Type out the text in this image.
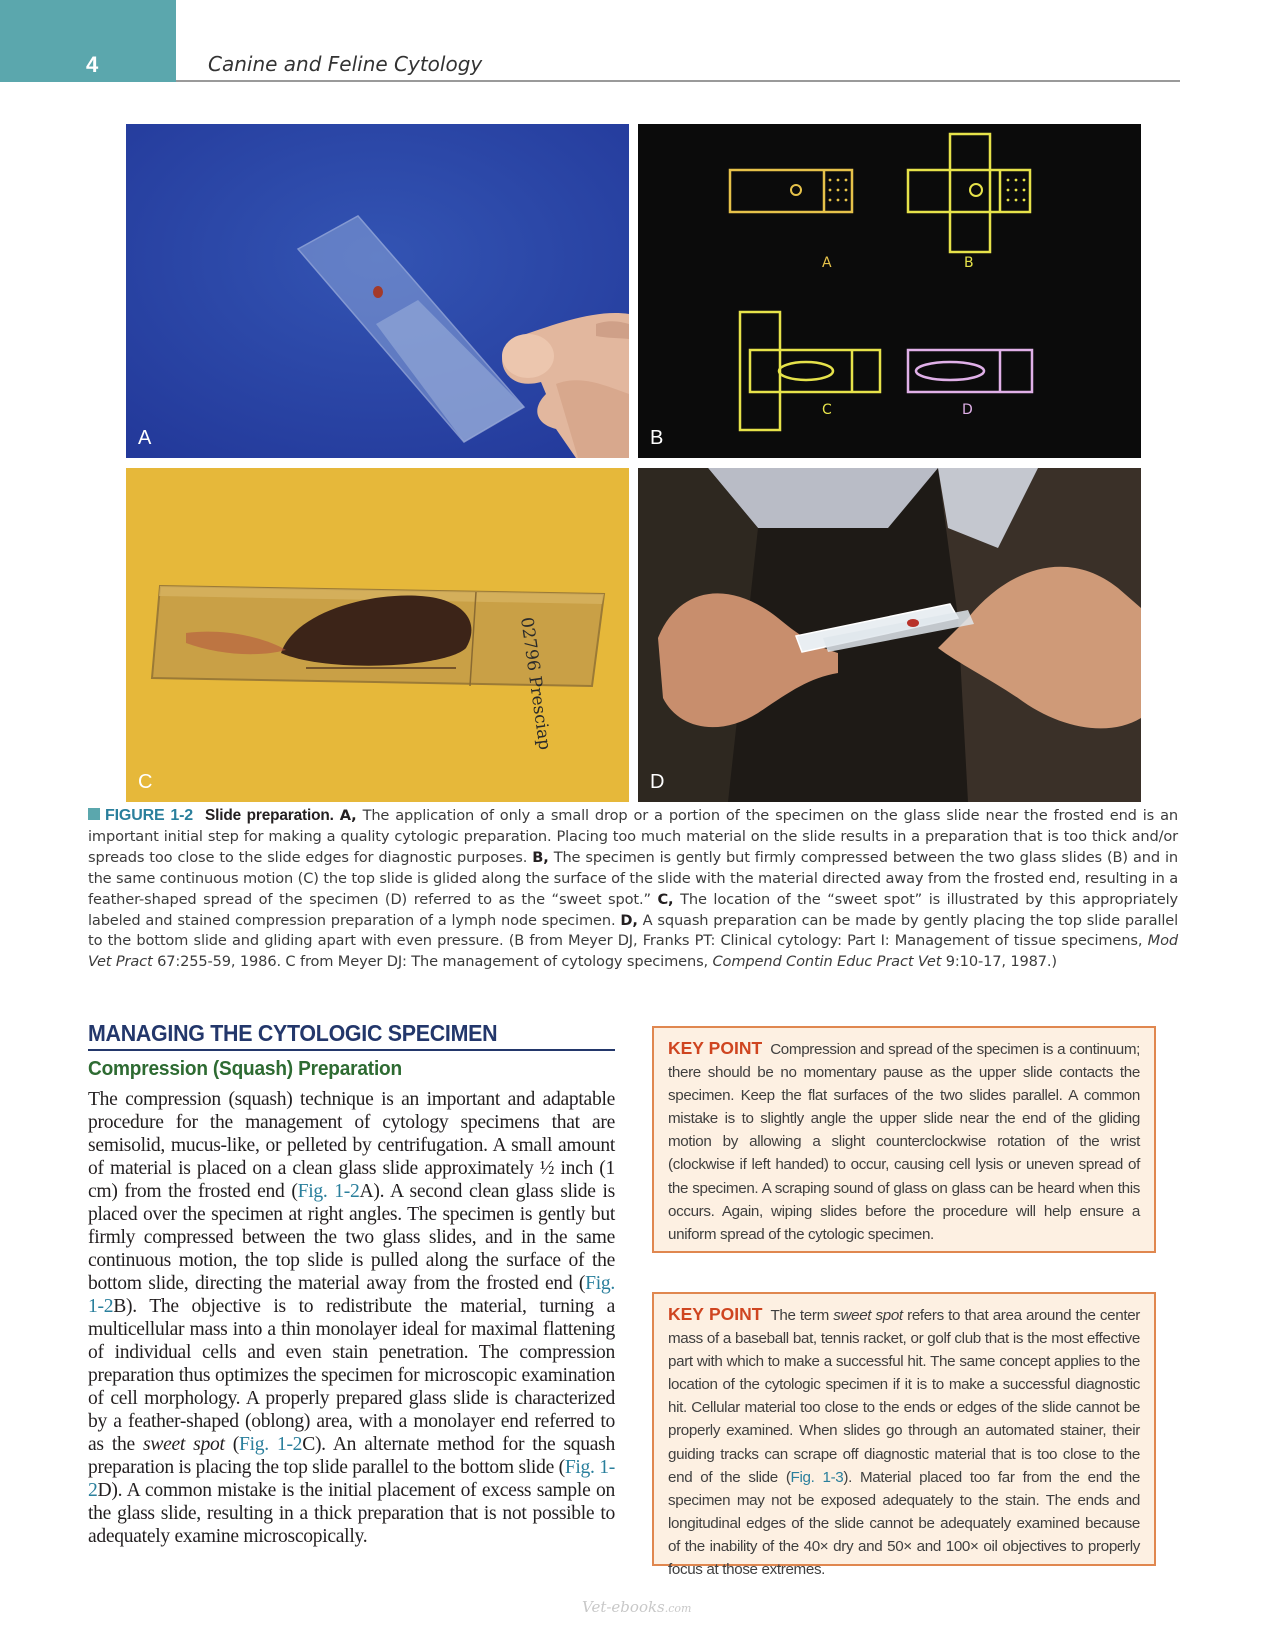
4	Canine and Feline Cytology
A
A	B
C	D
B
02796 Presciap
C	D
FIGURE 1-2 Slide preparation. A, The application of only a small drop or a portion of the specimen on the glass slide near the frosted end is an important initial step for making a quality cytologic preparation. Placing too much material on the slide results in a preparation that is too thick and/or spreads too close to the slide edges for diagnostic purposes. B, The specimen is gently but firmly compressed between the two glass slides (B) and in the same continuous motion (C) the top slide is glided along the surface of the slide with the material directed away from the frosted end, resulting in a feather-shaped spread of the specimen (D) referred to as the “sweet spot.” C, The location of the “sweet spot” is illustrated by this appropriately labeled and stained compression preparation of a lymph node specimen. D, A squash preparation can be made by gently placing the top slide parallel to the bottom slide and gliding apart with even pressure. (B from Meyer DJ, Franks PT: Clinical cytology: Part I: Management of tissue specimens, Mod Vet Pract 67:255-59, 1986. C from Meyer DJ: The management of cytology specimens, Compend Contin Educ Pract Vet 9:10-17, 1987.)
MANAGING THE CYTOLOGIC SPECIMEN
Compression (Squash) Preparation
The compression (squash) technique is an important and adaptable procedure for the management of cytology specimens that are semisolid, mucus-like, or pelleted by centrifugation. A small amount of material is placed on a clean glass slide approximately ½ inch (1 cm) from the frosted end (Fig. 1-2A). A second clean glass slide is placed over the specimen at right angles. The specimen is gently but firmly compressed between the two glass slides, and in the same continuous motion, the top slide is pulled along the surface of the bottom slide, directing the material away from the frosted end (Fig. 1-2B). The objective is to redistribute the material, turning a multicellular mass into a thin monolayer ideal for maximal flattening of individual cells and even stain penetration. The compression preparation thus optimizes the specimen for microscopic examination of cell morphology. A properly prepared glass slide is characterized by a feather-shaped (oblong) area, with a monolayer end referred to as the sweet spot (Fig. 1-2C). An alternate method for the squash preparation is placing the top slide parallel to the bottom slide (Fig. 1-2D). A common mistake is the initial placement of excess sample on the glass slide, resulting in a thick preparation that is not possible to adequately examine microscopically.
KEY POINT Compression and spread of the specimen is a continuum; there should be no momentary pause as the upper slide contacts the specimen. Keep the flat surfaces of the two slides parallel. A common mistake is to slightly angle the upper slide near the end of the gliding motion by allowing a slight counterclockwise rotation of the wrist (clockwise if left handed) to occur, causing cell lysis or uneven spread of the specimen. A scraping sound of glass on glass can be heard when this occurs. Again, wiping slides before the procedure will help ensure a uniform spread of the cytologic specimen.
KEY POINT The term sweet spot refers to that area around the center mass of a baseball bat, tennis racket, or golf club that is the most effective part with which to make a successful hit. The same concept applies to the location of the cytologic specimen if it is to make a successful diagnostic hit. Cellular material too close to the ends or edges of the slide cannot be properly examined. When slides go through an automated stainer, their guiding tracks can scrape off diagnostic material that is too close to the end of the slide (Fig. 1-3). Material placed too far from the end the specimen may not be exposed adequately to the stain. The ends and longitudinal edges of the slide cannot be adequately examined because of the inability of the 40× dry and 50× and 100× oil objectives to properly focus at those extremes.
Vet-ebooks.com
